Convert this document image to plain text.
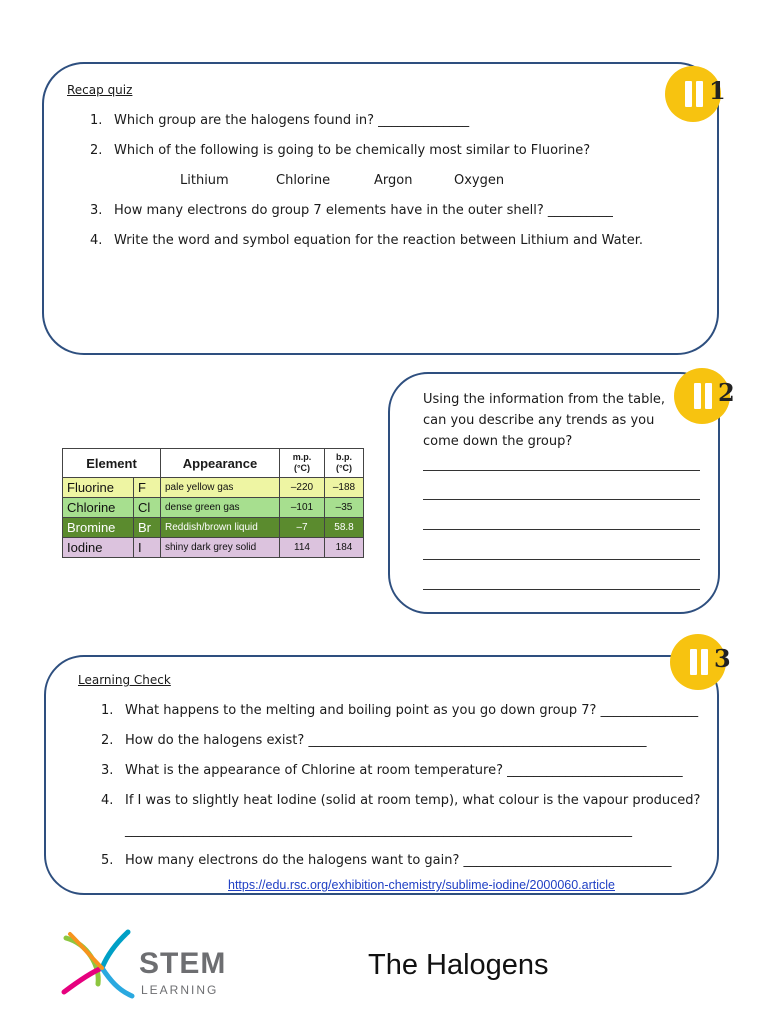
1
Recap quiz
1. Which group are the halogens found in? ______________
2. Which of the following is going to be chemically most similar to Fluorine?
Lithium	Chlorine	Argon	Oxygen
3. How many electrons do group 7 elements have in the outer shell? __________
4. Write the word and symbol equation for the reaction between Lithium and Water.
Using the information from the table, can you describe any trends as you come down the group?
2
Element		Appearance	m.p. (°C)	b.p. (°C)
Fluorine	F	pale yellow gas	–220	–188
Chlorine	Cl	dense green gas	–101	–35
Bromine	Br	Reddish/brown liquid	–7	58.8
Iodine	I	shiny dark grey solid	114	184
3
Learning Check
1. What happens to the melting and boiling point as you go down group 7? _______________
2. How do the halogens exist? ____________________________________________________
3. What is the appearance of Chlorine at room temperature? ___________________________
4. If I was to slightly heat Iodine (solid at room temp), what colour is the vapour produced?
______________________________________________________________________________
5. How many electrons do the halogens want to gain? ________________________________
https://edu.rsc.org/exhibition-chemistry/sublime-iodine/2000060.article
STEM
LEARNING
The Halogens
